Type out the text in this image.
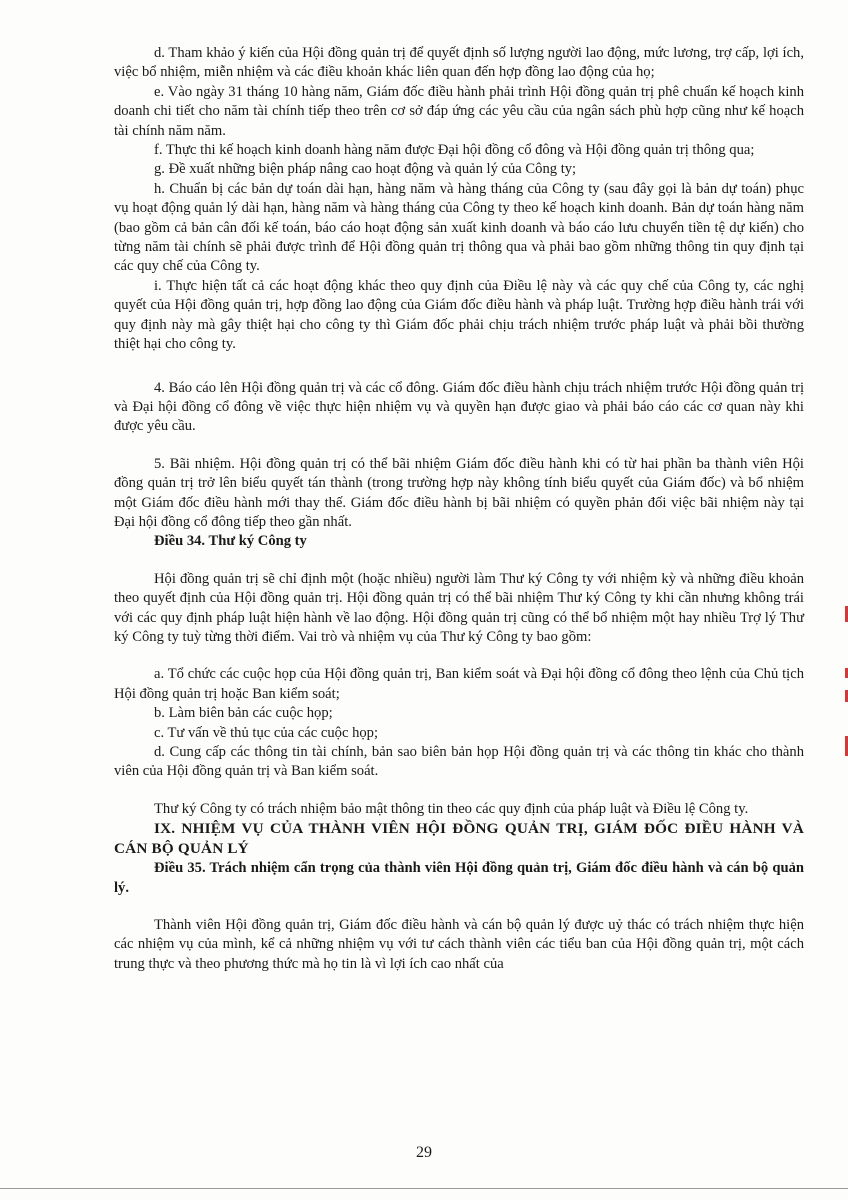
d. Tham khảo ý kiến của Hội đồng quản trị để quyết định số lượng người lao động, mức lương, trợ cấp, lợi ích, việc bổ nhiệm, miễn nhiệm và các điều khoản khác liên quan đến hợp đồng lao động của họ;

e. Vào ngày 31 tháng 10 hàng năm, Giám đốc điều hành phải trình Hội đồng quản trị phê chuẩn kế hoạch kinh doanh chi tiết cho năm tài chính tiếp theo trên cơ sở đáp ứng các yêu cầu của ngân sách phù hợp cũng như kế hoạch tài chính năm năm.

f. Thực thi kế hoạch kinh doanh hàng năm được Đại hội đồng cổ đông và Hội đồng quản trị thông qua;

g. Đề xuất những biện pháp nâng cao hoạt động và quản lý của Công ty;

h. Chuẩn bị các bản dự toán dài hạn, hàng năm và hàng tháng của Công ty (sau đây gọi là bản dự toán) phục vụ hoạt động quản lý dài hạn, hàng năm và hàng tháng của Công ty theo kế hoạch kinh doanh. Bản dự toán hàng năm (bao gồm cả bản cân đối kế toán, báo cáo hoạt động sản xuất kinh doanh và báo cáo lưu chuyển tiền tệ dự kiến) cho từng năm tài chính sẽ phải được trình để Hội đồng quản trị thông qua và phải bao gồm những thông tin quy định tại các quy chế của Công ty.

i. Thực hiện tất cả các hoạt động khác theo quy định của Điều lệ này và các quy chế của Công ty, các nghị quyết của Hội đồng quản trị, hợp đồng lao động của Giám đốc điều hành và pháp luật. Trường hợp điều hành trái với quy định này mà gây thiệt hại cho công ty thì Giám đốc phải chịu trách nhiệm trước pháp luật và phải bồi thường thiệt hại cho công ty.

4. Báo cáo lên Hội đồng quản trị và các cổ đông. Giám đốc điều hành chịu trách nhiệm trước Hội đồng quản trị và Đại hội đồng cổ đông về việc thực hiện nhiệm vụ và quyền hạn được giao và phải báo cáo các cơ quan này khi được yêu cầu.

5. Bãi nhiệm. Hội đồng quản trị có thể bãi nhiệm Giám đốc điều hành khi có từ hai phần ba thành viên Hội đồng quản trị trở lên biểu quyết tán thành (trong trường hợp này không tính biểu quyết của Giám đốc) và bổ nhiệm một Giám đốc điều hành mới thay thế. Giám đốc điều hành bị bãi nhiệm có quyền phản đối việc bãi nhiệm này tại Đại hội đồng cổ đông tiếp theo gần nhất.

Điều 34. Thư ký Công ty

Hội đồng quản trị sẽ chỉ định một (hoặc nhiều) người làm Thư ký Công ty với nhiệm kỳ và những điều khoản theo quyết định của Hội đồng quản trị. Hội đồng quản trị có thể bãi nhiệm Thư ký Công ty khi cần nhưng không trái với các quy định pháp luật hiện hành về lao động. Hội đồng quản trị cũng có thể bổ nhiệm một hay nhiều Trợ lý Thư ký Công ty tuỳ từng thời điểm. Vai trò và nhiệm vụ của Thư ký Công ty bao gồm:

a. Tổ chức các cuộc họp của Hội đồng quản trị, Ban kiểm soát và Đại hội đồng cổ đông theo lệnh của Chủ tịch Hội đồng quản trị hoặc Ban kiểm soát;

b. Làm biên bản các cuộc họp;

c. Tư vấn về thủ tục của các cuộc họp;

d. Cung cấp các thông tin tài chính, bản sao biên bản họp Hội đồng quản trị và các thông tin khác cho thành viên của Hội đồng quản trị và Ban kiểm soát.

Thư ký Công ty có trách nhiệm bảo mật thông tin theo các quy định của pháp luật và Điều lệ Công ty.

IX. NHIỆM VỤ CỦA THÀNH VIÊN HỘI ĐỒNG QUẢN TRỊ, GIÁM ĐỐC ĐIỀU HÀNH VÀ CÁN BỘ QUẢN LÝ

Điều 35. Trách nhiệm cẩn trọng của thành viên Hội đồng quản trị, Giám đốc điều hành và cán bộ quản lý.

Thành viên Hội đồng quản trị, Giám đốc điều hành và cán bộ quản lý được uỷ thác có trách nhiệm thực hiện các nhiệm vụ của mình, kể cả những nhiệm vụ với tư cách thành viên các tiểu ban của Hội đồng quản trị, một cách trung thực và theo phương thức mà họ tin là vì lợi ích cao nhất của

29
